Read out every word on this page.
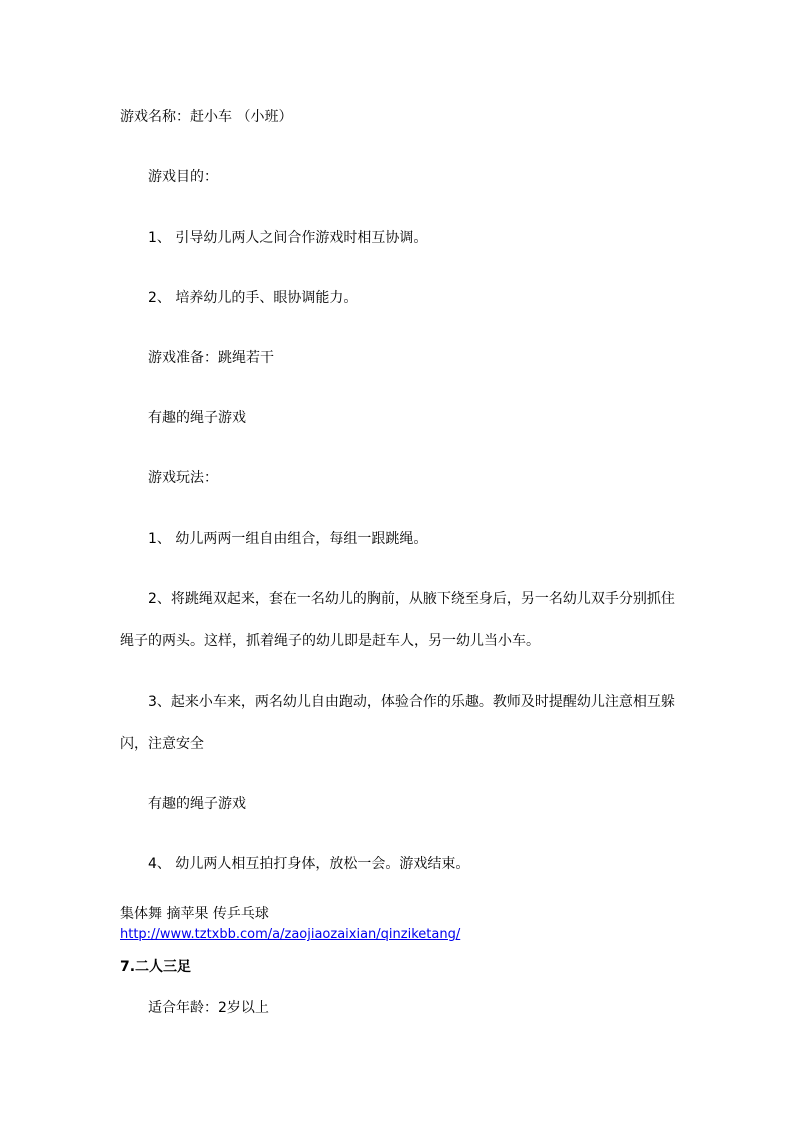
游戏名称：赶小车 （小班）

游戏目的：

1、 引导幼儿两人之间合作游戏时相互协调。

2、 培养幼儿的手、眼协调能力。

游戏准备：跳绳若干

有趣的绳子游戏

游戏玩法：

1、 幼儿两两一组自由组合，每组一跟跳绳。

2、将跳绳双起来，套在一名幼儿的胸前，从腋下绕至身后，另一名幼儿双手分别抓住

绳子的两头。这样，抓着绳子的幼儿即是赶车人，另一幼儿当小车。

3、起来小车来，两名幼儿自由跑动，体验合作的乐趣。教师及时提醒幼儿注意相互躲

闪，注意安全

有趣的绳子游戏

4、 幼儿两人相互拍打身体，放松一会。游戏结束。

集体舞 摘苹果 传乒乓球

http://www.tztxbb.com/a/zaojiaozaixian/qinziketang/

7.二人三足

适合年龄：2岁以上
